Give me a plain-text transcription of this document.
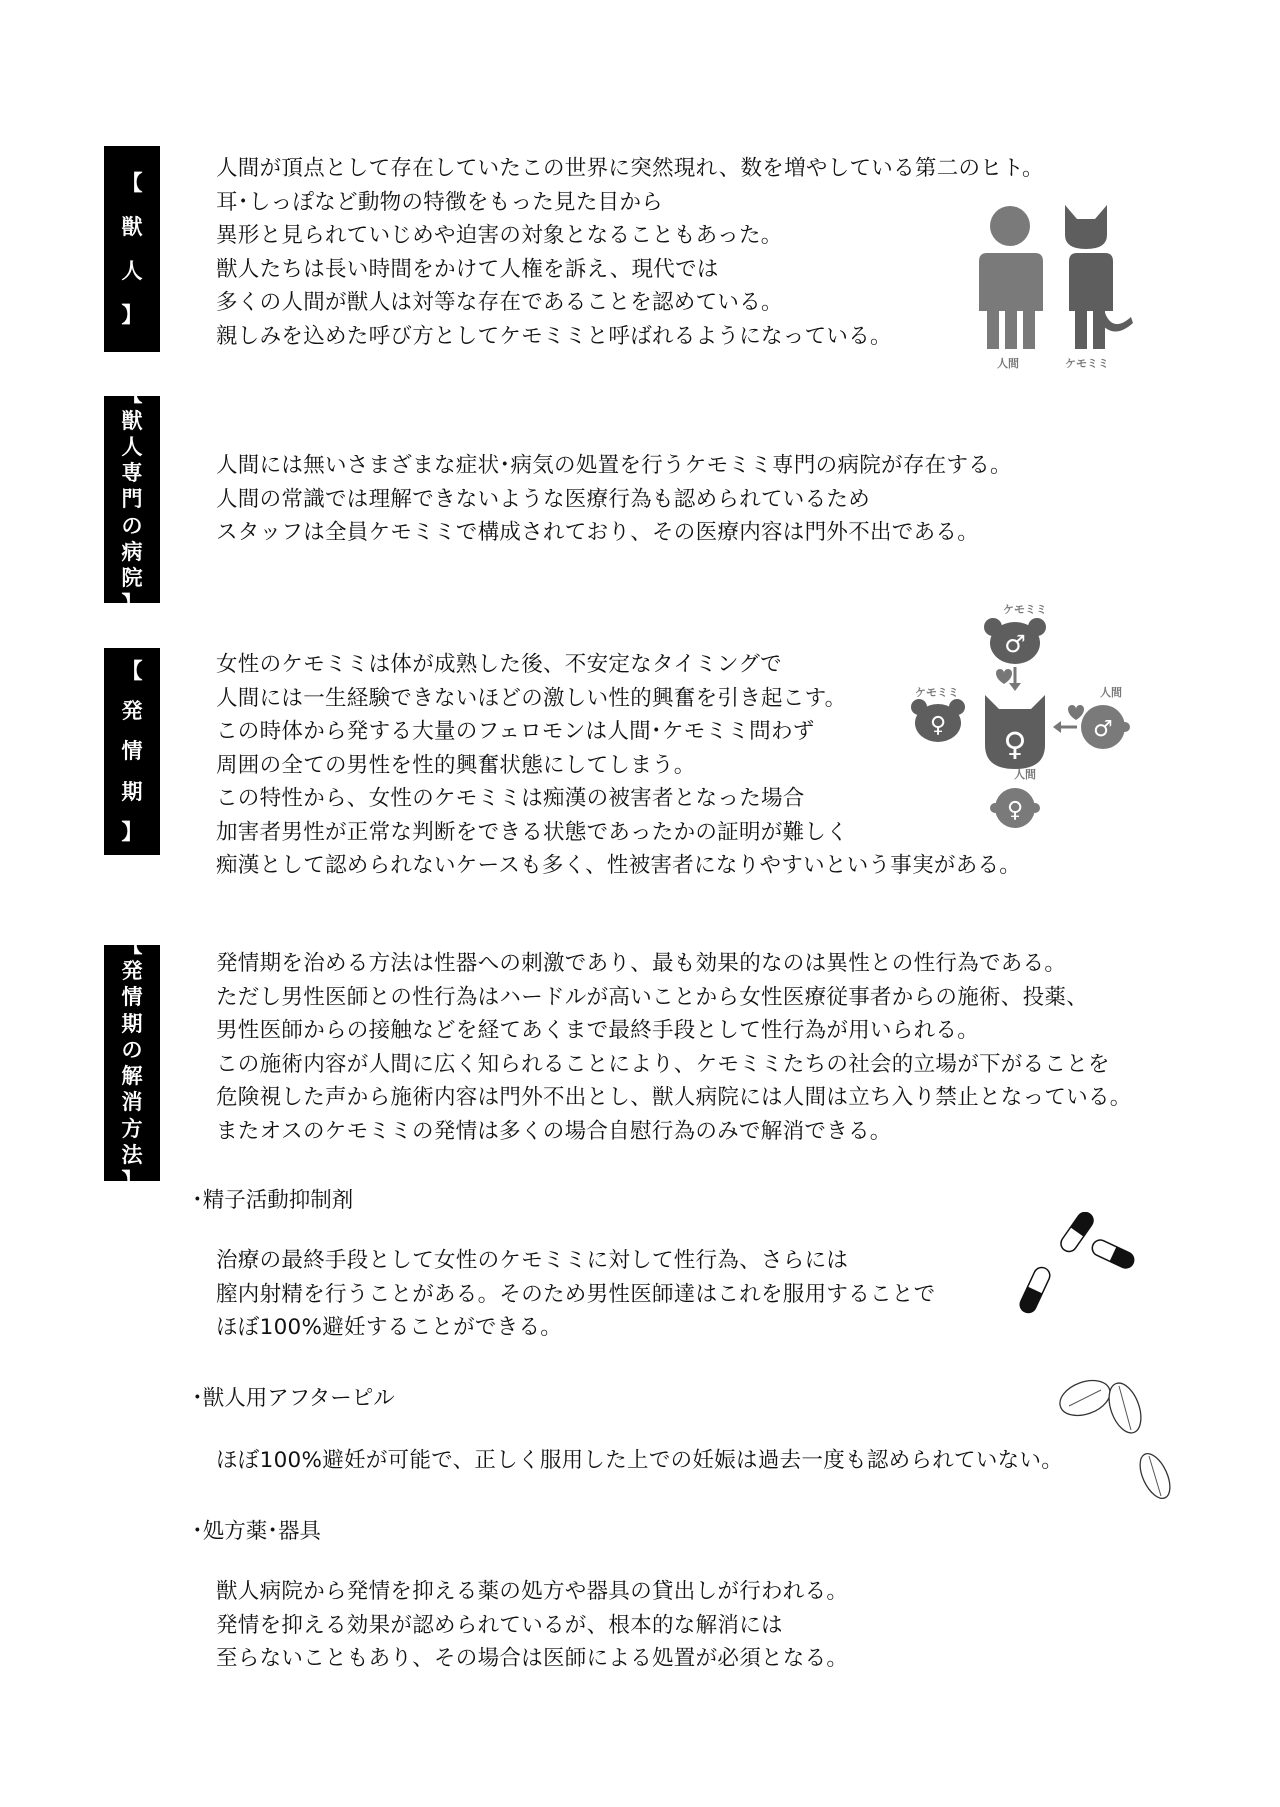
【
獣
人
】
【
獣
人
専
門
の
病
院
】
【
発
情
期
】
【
発
情
期
の
解
消
方
法
】
人間が頂点として存在していたこの世界に突然現れ、数を増やしている第二のヒト。
耳･しっぽなど動物の特徴をもった見た目から
異形と見られていじめや迫害の対象となることもあった。
獣人たちは長い時間をかけて人権を訴え、現代では
多くの人間が獣人は対等な存在であることを認めている。
親しみを込めた呼び方としてケモミミと呼ばれるようになっている。
人間には無いさまざまな症状･病気の処置を行うケモミミ専門の病院が存在する。
人間の常識では理解できないような医療行為も認められているため
スタッフは全員ケモミミで構成されており、その医療内容は門外不出である。
女性のケモミミは体が成熟した後、不安定なタイミングで
人間には一生経験できないほどの激しい性的興奮を引き起こす。
この時体から発する大量のフェロモンは人間･ケモミミ問わず
周囲の全ての男性を性的興奮状態にしてしまう。
この特性から、女性のケモミミは痴漢の被害者となった場合
加害者男性が正常な判断をできる状態であったかの証明が難しく
痴漢として認められないケースも多く、性被害者になりやすいという事実がある。
発情期を治める方法は性器への刺激であり、最も効果的なのは異性との性行為である。
ただし男性医師との性行為はハードルが高いことから女性医療従事者からの施術、投薬、
男性医師からの接触などを経てあくまで最終手段として性行為が用いられる。
この施術内容が人間に広く知られることにより、ケモミミたちの社会的立場が下がることを
危険視した声から施術内容は門外不出とし、獣人病院には人間は立ち入り禁止となっている。
またオスのケモミミの発情は多くの場合自慰行為のみで解消できる。
･精子活動抑制剤
治療の最終手段として女性のケモミミに対して性行為、さらには
膣内射精を行うことがある。そのため男性医師達はこれを服用することで
ほぼ100%避妊することができる。
･獣人用アフターピル
ほぼ100%避妊が可能で、正しく服用した上での妊娠は過去一度も認められていない。
･処方薬･器具
獣人病院から発情を抑える薬の処方や器具の貸出しが行われる。
発情を抑える効果が認められているが、根本的な解消には
至らないこともあり、その場合は医師による処置が必須となる。
人間	ケモミミ
ケモミミ
ケモミミ	人間
人間
♂
♀
♀	♂
♀
